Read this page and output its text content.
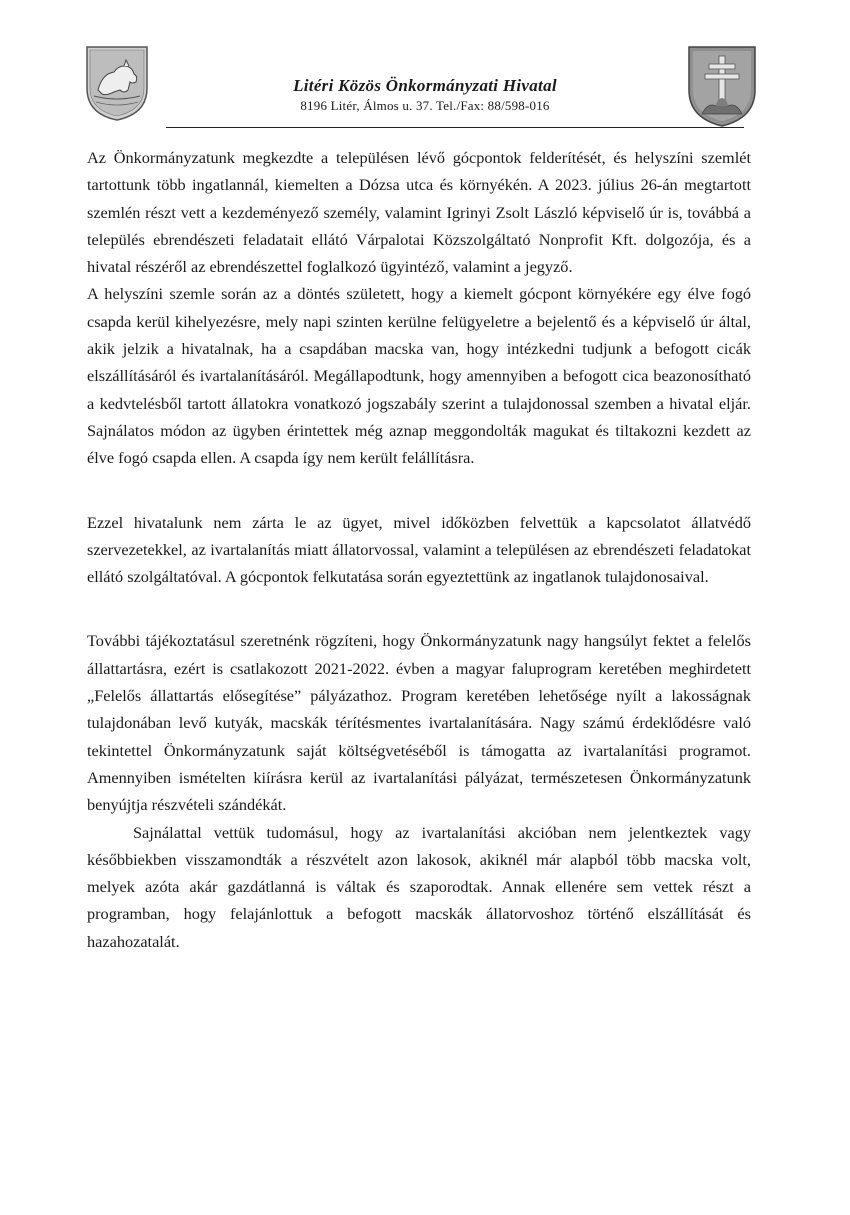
Litéri Közös Önkormányzati Hivatal
8196 Litér, Álmos u. 37. Tel./Fax: 88/598-016

Az Önkormányzatunk megkezdte a településen lévő gócpontok felderítését, és helyszíni szemlét tartottunk több ingatlannál, kiemelten a Dózsa utca és környékén. A 2023. július 26-án megtartott szemlén részt vett a kezdeményező személy, valamint Igrinyi Zsolt László képviselő úr is, továbbá a település ebrendészeti feladatait ellátó Várpalotai Közszolgáltató Nonprofit Kft. dolgozója, és a hivatal részéről az ebrendészettel foglalkozó ügyintéző, valamint a jegyző.

A helyszíni szemle során az a döntés született, hogy a kiemelt gócpont környékére egy élve fogó csapda kerül kihelyezésre, mely napi szinten kerülne felügyeletre a bejelentő és a képviselő úr által, akik jelzik a hivatalnak, ha a csapdában macska van, hogy intézkedni tudjunk a befogott cicák elszállításáról és ivartalanításáról. Megállapodtunk, hogy amennyiben a befogott cica beazonosítható a kedvtelésből tartott állatokra vonatkozó jogszabály szerint a tulajdonossal szemben a hivatal eljár. Sajnálatos módon az ügyben érintettek még aznap meggondolták magukat és tiltakozni kezdett az élve fogó csapda ellen. A csapda így nem került felállításra.

Ezzel hivatalunk nem zárta le az ügyet, mivel időközben felvettük a kapcsolatot állatvédő szervezetekkel, az ivartalanítás miatt állatorvossal, valamint a településen az ebrendészeti feladatokat ellátó szolgáltatóval. A gócpontok felkutatása során egyeztettünk az ingatlanok tulajdonosaival.

További tájékoztatásul szeretnénk rögzíteni, hogy Önkormányzatunk nagy hangsúlyt fektet a felelős állattartásra, ezért is csatlakozott 2021-2022. évben a magyar faluprogram keretében meghirdetett „Felelős állattartás elősegítése” pályázathoz. Program keretében lehetősége nyílt a lakosságnak tulajdonában levő kutyák, macskák térítésmentes ivartalanítására. Nagy számú érdeklődésre való tekintettel Önkormányzatunk saját költségvetéséből is támogatta az ivartalanítási programot. Amennyiben ismételten kiírásra kerül az ivartalanítási pályázat, természetesen Önkormányzatunk benyújtja részvételi szándékát.

Sajnálattal vettük tudomásul, hogy az ivartalanítási akcióban nem jelentkeztek vagy későbbiekben visszamondták a részvételt azon lakosok, akiknél már alapból több macska volt, melyek azóta akár gazdátlanná is váltak és szaporodtak. Annak ellenére sem vettek részt a programban, hogy felajánlottuk a befogott macskák állatorvoshoz történő elszállítását és hazahozatalát.
